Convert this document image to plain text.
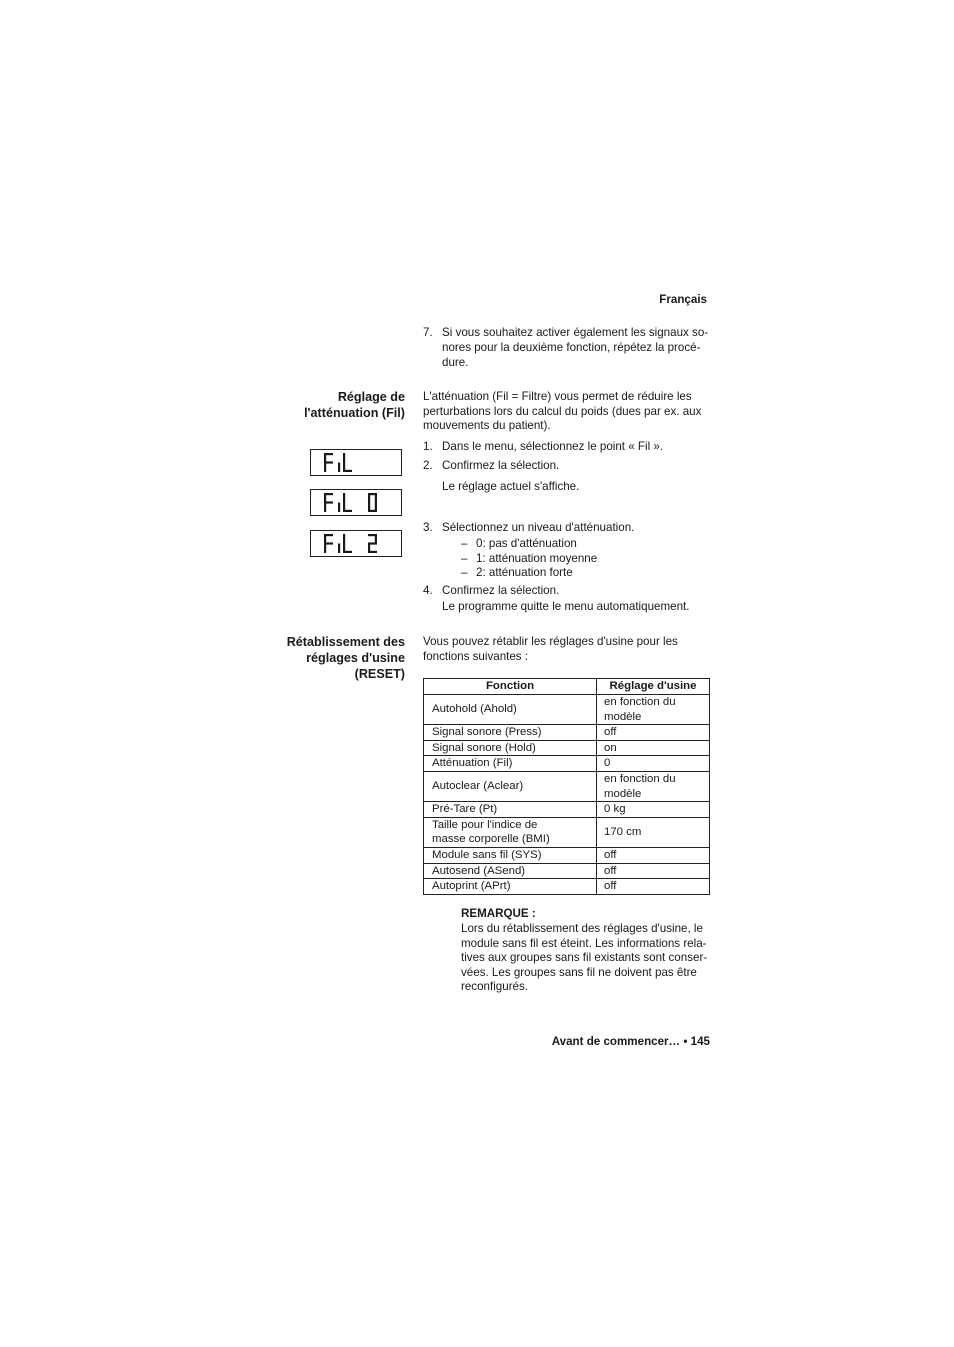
Français
7. Si vous souhaitez activer également les signaux so-
nores pour la deuxième fonction, répétez la procé-
dure.
Réglage de
l'atténuation (Fil)
L'atténuation (Fil = Filtre) vous permet de réduire les
perturbations lors du calcul du poids (dues par ex. aux
mouvements du patient).
1. Dans le menu, sélectionnez le point « Fil ».
2. Confirmez la sélection.
Le réglage actuel s'affiche.
3. Sélectionnez un niveau d'atténuation.
– 0: pas d'atténuation
– 1: atténuation moyenne
– 2: atténuation forte
4. Confirmez la sélection.
Le programme quitte le menu automatiquement.
Rétablissement des
réglages d'usine
(RESET)
Vous pouvez rétablir les réglages d'usine pour les
fonctions suivantes :
Fonction	Réglage d'usine

Autohold (Ahold)	en fonction du
modèle

Signal sonore (Press)	off

Signal sonore (Hold)	on

Atténuation (Fil)	0

Autoclear (Aclear)	en fonction du
modèle

Pré-Tare (Pt)	0 kg

Taille pour l'indice de
masse corporelle (BMI)	170 cm

Module sans fil (SYS)	off

Autosend (ASend)	off

Autoprint (APrt)	off
REMARQUE :
Lors du rétablissement des réglages d'usine, le
module sans fil est éteint. Les informations rela-
tives aux groupes sans fil existants sont conser-
vées. Les groupes sans fil ne doivent pas être
reconfigurés.
Avant de commencer… • 145
